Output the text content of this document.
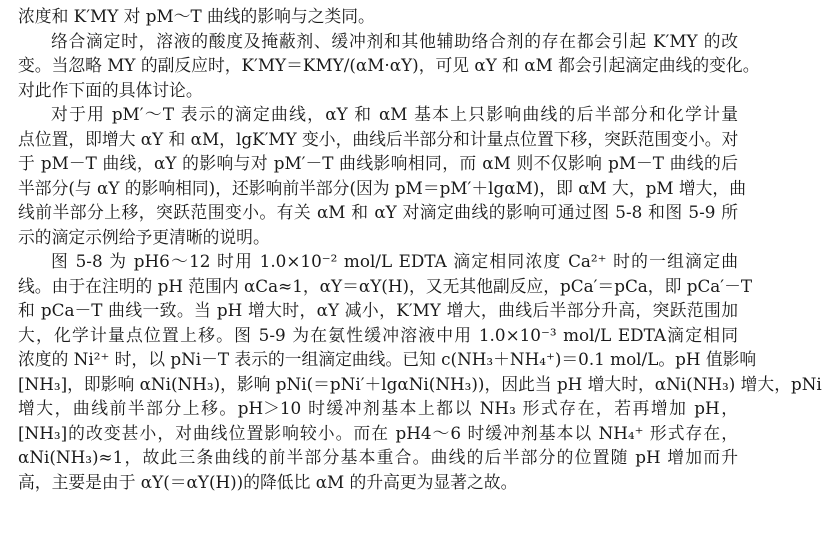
浓度和 K′MY 对 pM～T 曲线的影响与之类同。
络合滴定时，溶液的酸度及掩蔽剂、缓冲剂和其他辅助络合剂的存在都会引起 K′MY 的改
变。当忽略 MY 的副反应时，K′MY＝KMY/(αM·αY)，可见 αY 和 αM 都会引起滴定曲线的变化。
对此作下面的具体讨论。
对于用 pM′～T 表示的滴定曲线，αY 和 αM 基本上只影响曲线的后半部分和化学计量
点位置，即增大 αY 和 αM，lgK′MY 变小，曲线后半部分和计量点位置下移，突跃范围变小。对
于 pM－T 曲线，αY 的影响与对 pM′－T 曲线影响相同，而 αM 则不仅影响 pM－T 曲线的后
半部分(与 αY 的影响相同)，还影响前半部分(因为 pM＝pM′＋lgαM)，即 αM 大，pM 增大，曲
线前半部分上移，突跃范围变小。有关 αM 和 αY 对滴定曲线的影响可通过图 5-8 和图 5-9 所
示的滴定示例给予更清晰的说明。
图 5-8 为 pH6～12 时用 1.0×10⁻² mol/L EDTA 滴定相同浓度 Ca²⁺ 时的一组滴定曲
线。由于在注明的 pH 范围内 αCa≈1，αY＝αY(H)，又无其他副反应，pCa′＝pCa，即 pCa′－T
和 pCa－T 曲线一致。当 pH 增大时，αY 减小，K′MY 增大，曲线后半部分升高，突跃范围加
大，化学计量点位置上移。图 5-9 为在氨性缓冲溶液中用 1.0×10⁻³ mol/L EDTA滴定相同
浓度的 Ni²⁺ 时，以 pNi－T 表示的一组滴定曲线。已知 c(NH₃＋NH₄⁺)＝0.1 mol/L。pH 值影响
[NH₃]，即影响 αNi(NH₃)，影响 pNi(＝pNi′＋lgαNi(NH₃))，因此当 pH 增大时，αNi(NH₃) 增大，pNi
增大，曲线前半部分上移。pH＞10 时缓冲剂基本上都以 NH₃ 形式存在，若再增加 pH，
[NH₃]的改变甚小，对曲线位置影响较小。而在 pH4～6 时缓冲剂基本以 NH₄⁺ 形式存在，
αNi(NH₃)≈1，故此三条曲线的前半部分基本重合。曲线的后半部分的位置随 pH 增加而升
高，主要是由于 αY(＝αY(H))的降低比 αM 的升高更为显著之故。
